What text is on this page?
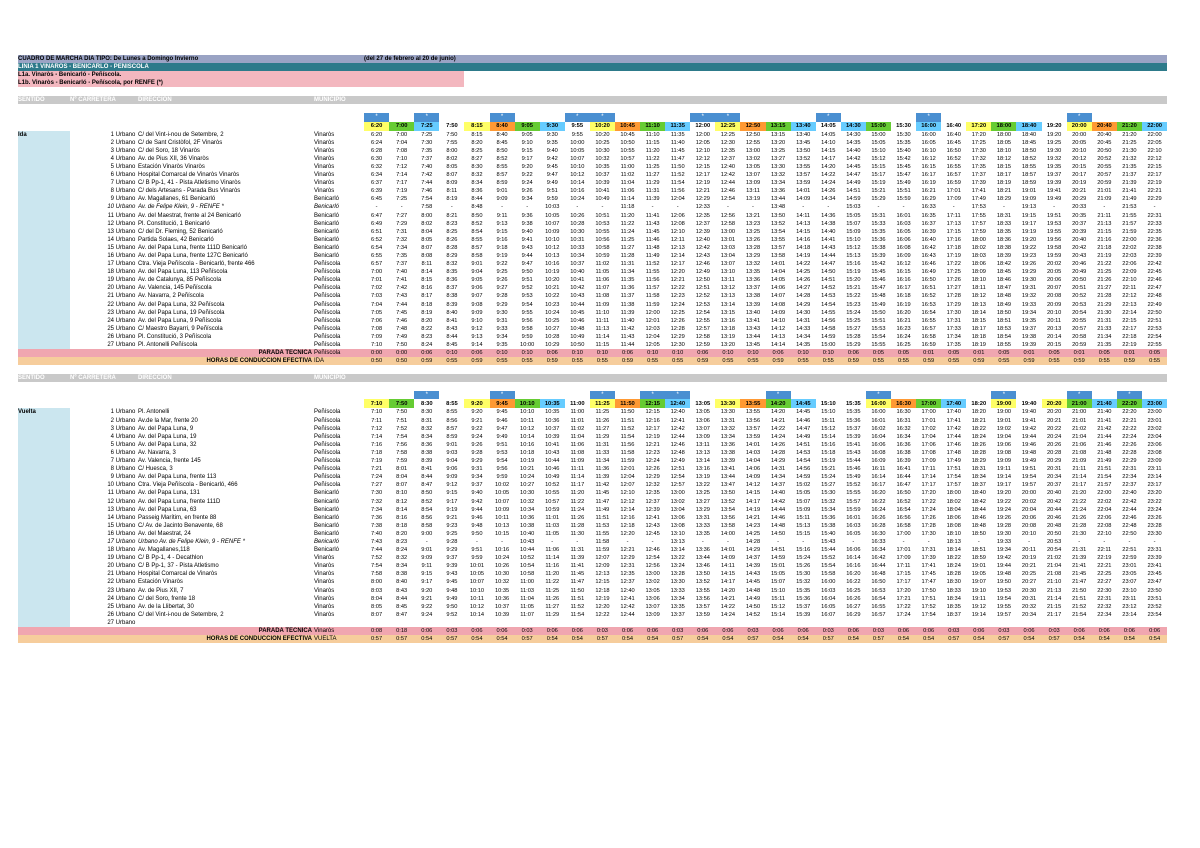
CUADRO DE MARCHA DIA TIPO: De Lunes a Domingo Invierno				(del 27 de febrero al 20 de junio)																															
LINIA 1 VINARÒS - BENICARLO - PEÑISCOLA																																			
L1a. Vinaròs - Benicarló - Peñíscola.																																			
L1b. Vinaròs - Benicarló - Peñíscola, por RENFE (*)																																			

SENTIDO	Nº CARRETERA	DIRECCIÓN	MUNICIPIO																																

				*		*			*			*	*				*	*				*				*						*			
				6:20	7:00	7:25	7:50	8:15	8:40	9:05	9:30	9:55	10:20	10:45	11:10	11:35	12:00	12:25	12:50	13:15	13:40	14:05	14:30	15:00	15:30	16:00	16:40	17:20	18:00	18:40	19:20	20:00	20:40	21:20	22:00
Ida	1 Urbano	C/ del Vint-i-nou de Setembre, 2	Vinaròs	6:20	7:00	7:25	7:50	8:15	8:40	9:05	9:30	9:55	10:20	10:45	11:10	11:35	12:00	12:25	12:50	13:15	13:40	14:05	14:30	15:00	15:30	16:00	16:40	17:20	18:00	18:40	19:20	20:00	20:40	21:20	22:00
	2 Urbano	C/ de Sant Cristòfol, 2F Vinaròs	Vinaròs	6:24	7:04	7:30	7:55	8:20	8:45	9:10	9:35	10:00	10:25	10:50	11:15	11:40	12:05	12:30	12:55	13:20	13:45	14:10	14:35	15:05	15:35	16:05	16:45	17:25	18:05	18:45	19:25	20:05	20:45	21:25	22:05
	3 Urbano	C/ del Soro, 18 Vinaròs	Vinaròs	6:28	7:08	7:35	8:00	8:25	8:50	9:15	9:40	10:05	10:30	10:55	11:20	11:45	12:10	12:35	13:00	13:25	13:50	14:15	14:40	15:10	15:40	16:10	16:50	17:30	18:10	18:50	19:30	20:10	20:50	21:30	22:10
	4 Urbano	Av. de Pius XII, 36 Vinaròs	Vinaròs	6:30	7:10	7:37	8:02	8:27	8:52	9:17	9:42	10:07	10:32	10:57	11:22	11:47	12:12	12:37	13:02	13:27	13:52	14:17	14:42	15:12	15:42	16:12	16:52	17:32	18:12	18:52	19:32	20:12	20:52	21:32	22:12
	5 Urbano	Estación Vinaròs Vinaròs	Vinaròs	6:32	7:12	7:40	8:05	8:30	8:55	9:20	9:45	10:10	10:35	11:00	11:25	11:50	12:15	12:40	13:05	13:30	13:55	14:20	14:45	15:15	15:45	16:15	16:55	17:35	18:15	18:55	19:35	20:15	20:55	21:35	22:15
	6 Urbano	Hospital Comarcal de Vinaròs Vinaròs	Vinaròs	6:34	7:14	7:42	8:07	8:32	8:57	9:22	9:47	10:12	10:37	11:02	11:27	11:52	12:17	12:42	13:07	13:32	13:57	14:22	14:47	15:17	15:47	16:17	16:57	17:37	18:17	18:57	19:37	20:17	20:57	21:37	22:17
	7 Urbano	C/ B Pp-1, 41 - Pista Atletismo Vinaròs	Vinaròs	6:37	7:17	7:44	8:09	8:34	8:59	9:24	9:49	10:14	10:39	11:04	11:29	11:54	12:19	12:44	13:09	13:34	13:59	14:24	14:49	15:19	15:49	16:19	16:59	17:39	18:19	18:59	19:39	20:19	20:59	21:39	22:19
	8 Urbano	C/ dels Artesans - Parada Bus Vinaròs	Vinaròs	6:39	7:19	7:46	8:11	8:36	9:01	9:26	9:51	10:16	10:41	11:06	11:31	11:56	12:21	12:46	13:11	13:36	14:01	14:26	14:51	15:21	15:51	16:21	17:01	17:41	18:21	19:01	19:41	20:21	21:01	21:41	22:21
	9 Urbano	Av. Magallanes, 61 Benicarló	Benicarló	6:45	7:25	7:54	8:19	8:44	9:09	9:34	9:59	10:24	10:49	11:14	11:39	12:04	12:29	12:54	13:19	13:44	14:09	14:34	14:59	15:29	15:59	16:29	17:09	17:49	18:29	19:09	19:49	20:29	21:09	21:49	22:29
	10 Urbano	Av. de Felipe Klein, 9 - RENFE *	Benicarló	-	-	7:58	-	8:48	-	-	10:03	-	-	11:18	-	-	12:33	-	-	13:48	-	-	15:03	-	-	16:33	-	17:53	-	19:13	-	20:33	-	21:53	-
	11 Urbano	Av. del Maestrat, frente al 24 Benicarló	Benicarló	6:47	7:27	8:00	8:21	8:50	9:11	9:36	10:05	10:26	10:51	11:20	11:41	12:06	12:35	12:56	13:21	13:50	14:11	14:36	15:05	15:31	16:01	16:35	17:11	17:55	18:31	19:15	19:51	20:35	21:11	21:55	22:31
	12 Urbano	Pl. Constitució, 1 Benicarló	Benicarló	6:49	7:29	8:02	8:23	8:52	9:13	9:38	10:07	10:28	10:53	11:22	11:43	12:08	12:37	12:58	13:23	13:52	14:13	14:38	15:07	15:33	16:03	16:37	17:13	17:57	18:33	19:17	19:53	20:37	21:13	21:57	22:33
	13 Urbano	C/ del Dr. Fleming, 52 Benicarló	Benicarló	6:51	7:31	8:04	8:25	8:54	9:15	9:40	10:09	10:30	10:55	11:24	11:45	12:10	12:39	13:00	13:25	13:54	14:15	14:40	15:09	15:35	16:05	16:39	17:15	17:59	18:35	19:19	19:55	20:39	21:15	21:59	22:35
	14 Urbano	Partida Solaes, 42 Benicarló	Benicarló	6:52	7:32	8:05	8:26	8:55	9:16	9:41	10:10	10:31	10:56	11:25	11:46	12:11	12:40	13:01	13:26	13:55	14:16	14:41	15:10	15:36	16:06	16:40	17:16	18:00	18:36	19:20	19:56	20:40	21:16	22:00	22:36
	15 Urbano	Av. del Papa Luna, frente 111D Benicarló	Benicarló	6:54	7:34	8:07	8:28	8:57	9:18	9:43	10:12	10:33	10:58	11:27	11:48	12:13	12:42	13:03	13:28	13:57	14:18	14:43	15:12	15:38	16:08	16:42	17:18	18:02	18:38	19:22	19:58	20:42	21:18	22:02	22:38
	16 Urbano	Av. del Papa Luna, frente 127C Benicarló	Benicarló	6:55	7:35	8:08	8:29	8:58	9:19	9:44	10:13	10:34	10:59	11:28	11:49	12:14	12:43	13:04	13:29	13:58	14:19	14:44	15:13	15:39	16:09	16:43	17:19	18:03	18:39	19:23	19:59	20:43	21:19	22:03	22:39
	17 Urbano	Ctra. Vieja Peñíscola - Benicarló, frente 466	Peñíscola	6:57	7:37	8:11	8:32	9:01	9:22	9:47	10:16	10:37	11:02	11:31	11:52	12:17	12:46	13:07	13:32	14:01	14:22	14:47	15:16	15:42	16:12	16:46	17:22	18:06	18:42	19:26	20:02	20:46	21:22	22:06	22:42
	18 Urbano	Av. del Papa Luna, 113 Peñíscola	Peñíscola	7:00	7:40	8:14	8:35	9:04	9:25	9:50	10:19	10:40	11:05	11:34	11:55	12:20	12:49	13:10	13:35	14:04	14:25	14:50	15:19	15:45	16:15	16:49	17:25	18:09	18:45	19:29	20:05	20:49	21:25	22:09	22:45
	19 Urbano	Av. de Catalunya, 85 Peñíscola	Peñíscola	7:01	7:41	8:15	8:36	9:05	9:26	9:51	10:20	10:41	11:06	11:35	11:56	12:21	12:50	13:11	13:36	14:05	14:26	14:51	15:20	15:46	16:16	16:50	17:26	18:10	18:46	19:30	20:06	20:50	21:26	22:10	22:46
	20 Urbano	Av. Valencia, 145 Peñíscola	Peñíscola	7:02	7:42	8:16	8:37	9:06	9:27	9:52	10:21	10:42	11:07	11:36	11:57	12:22	12:51	13:12	13:37	14:06	14:27	14:52	15:21	15:47	16:17	16:51	17:27	18:11	18:47	19:31	20:07	20:51	21:27	22:11	22:47
	21 Urbano	Av. Navarra, 2 Peñíscola	Peñíscola	7:03	7:43	8:17	8:38	9:07	9:28	9:53	10:22	10:43	11:08	11:37	11:58	12:23	12:52	13:13	13:38	14:07	14:28	14:53	15:22	15:48	16:18	16:52	17:28	18:12	18:48	19:32	20:08	20:52	21:28	22:12	22:48
	22 Urbano	Av. del Papa Luna, 32 Peñíscola	Peñíscola	7:04	7:44	8:18	8:39	9:08	9:29	9:54	10:23	10:44	11:09	11:38	11:59	12:24	12:53	13:14	13:39	14:08	14:29	14:54	15:23	15:49	16:19	16:53	17:29	18:13	18:49	19:33	20:09	20:53	21:29	22:13	22:49
	23 Urbano	Av. del Papa Luna, 19 Peñíscola	Peñíscola	7:05	7:45	8:19	8:40	9:09	9:30	9:55	10:24	10:45	11:10	11:39	12:00	12:25	12:54	13:15	13:40	14:09	14:30	14:55	15:24	15:50	16:20	16:54	17:30	18:14	18:50	19:34	20:10	20:54	21:30	22:14	22:50
	24 Urbano	Av. del Papa Luna, 9 Peñíscola	Peñíscola	7:06	7:46	8:20	8:41	9:10	9:31	9:56	10:25	10:46	11:11	11:40	12:01	12:26	12:55	13:16	13:41	14:10	14:31	14:56	15:25	15:51	16:21	16:55	17:31	18:15	18:51	19:35	20:11	20:55	21:31	22:15	22:51
	25 Urbano	C/ Maestro Bayarri, 9 Peñíscola	Peñíscola	7:08	7:48	8:22	8:43	9:12	9:33	9:58	10:27	10:48	11:13	11:42	12:03	12:28	12:57	13:18	13:43	14:12	14:33	14:58	15:27	15:53	16:23	16:57	17:33	18:17	18:53	19:37	20:13	20:57	21:33	22:17	22:53
	26 Urbano	Pl. Constitució, 3 Peñíscola	Peñíscola	7:09	7:49	8:23	8:44	9:13	9:34	9:59	10:28	10:49	11:14	11:43	12:04	12:29	12:58	13:19	13:44	14:13	14:34	14:59	15:28	15:54	16:24	16:58	17:34	18:18	18:54	19:38	20:14	20:58	21:34	22:18	22:54
	27 Urbano	Pl. Antonelli Peñíscola	Peñíscola	7:10	7:50	8:24	8:45	9:14	9:35	10:00	10:29	10:50	11:15	11:44	12:05	12:30	12:59	13:20	13:45	14:14	14:35	15:00	15:29	15:55	16:25	16:59	17:35	18:19	18:55	19:39	20:15	20:59	21:35	22:19	22:55
PARADA TECNICA			Peñíscola	0:00	0:00	0:06	0:10	0:06	0:10	0:10	0:06	0:10	0:10	0:06	0:10	0:10	0:06	0:10	0:10	0:06	0:10	0:10	0:06	0:05	0:05	0:01	0:05	0:01	0:05	0:01	0:05	0:01	0:05	0:01	0:05
HORAS DE CONDUCCION EFECTIVA			IDA	0:50	0:50	0:59	0:55	0:59	0:55	0:55	0:59	0:55	0:55	0:59	0:55	0:55	0:59	0:55	0:55	0:59	0:55	0:55	0:59	0:55	0:55	0:59	0:55	0:59	0:55	0:59	0:55	0:59	0:55	0:59	0:55

SENTIDO	Nº CARRETERA	DIRECCIÓN	MUNICIPIO																																

						*			*				*		*	*				*				*					*			*		*	
				7:10	7:50	8:30	8:55	9:20	9:45	10:10	10:35	11:00	11:25	11:50	12:15	12:40	13:05	13:30	13:55	14:20	14:45	15:10	15:35	16:00	16:30	17:00	17:40	18:20	19:00	19:40	20:20	21:00	21:40	22:20	23:00
Vuelta	1 Urbano	Pl. Antonelli	Peñíscola	7:10	7:50	8:30	8:55	9:20	9:45	10:10	10:35	11:00	11:25	11:50	12:15	12:40	13:05	13:30	13:55	14:20	14:45	15:10	15:35	16:00	16:30	17:00	17:40	18:20	19:00	19:40	20:20	21:00	21:40	22:20	23:00
	2 Urbano	Av.de la Mar, frente 20	Peñíscola	7:11	7:51	8:31	8:56	9:21	9:46	10:11	10:36	11:01	11:26	11:51	12:16	12:41	13:06	13:31	13:56	14:21	14:46	15:11	15:36	16:01	16:31	17:01	17:41	18:21	19:01	19:41	20:21	21:01	21:41	22:21	23:01
	3 Urbano	Av. del Papa Luna, 9	Peñíscola	7:12	7:52	8:32	8:57	9:22	9:47	10:12	10:37	11:02	11:27	11:52	12:17	12:42	13:07	13:32	13:57	14:22	14:47	15:12	15:37	16:02	16:32	17:02	17:42	18:22	19:02	19:42	20:22	21:02	21:42	22:22	23:02
	4 Urbano	Av. del Papa Luna, 19	Peñíscola	7:14	7:54	8:34	8:59	9:24	9:49	10:14	10:39	11:04	11:29	11:54	12:19	12:44	13:09	13:34	13:59	14:24	14:49	15:14	15:39	16:04	16:34	17:04	17:44	18:24	19:04	19:44	20:24	21:04	21:44	22:24	23:04
	5 Urbano	Av. del Papa Luna, 32	Peñíscola	7:16	7:56	8:36	9:01	9:26	9:51	10:16	10:41	11:06	11:31	11:56	12:21	12:46	13:11	13:36	14:01	14:26	14:51	15:16	15:41	16:06	16:36	17:06	17:46	18:26	19:06	19:46	20:26	21:06	21:46	22:26	23:06
	6 Urbano	Av. Navarra, 3	Peñíscola	7:18	7:58	8:38	9:03	9:28	9:53	10:18	10:43	11:08	11:33	11:58	12:23	12:48	13:13	13:38	14:03	14:28	14:53	15:18	15:43	16:08	16:38	17:08	17:48	18:28	19:08	19:48	20:28	21:08	21:48	22:28	23:08
	7 Urbano	Av. Valencia, frente 145	Peñíscola	7:19	7:59	8:39	9:04	9:29	9:54	10:19	10:44	11:09	11:34	11:59	12:24	12:49	13:14	13:39	14:04	14:29	14:54	15:19	15:44	16:09	16:39	17:09	17:49	18:29	19:09	19:49	20:29	21:09	21:49	22:29	23:09
	8 Urbano	C/ Huesca, 3	Peñíscola	7:21	8:01	8:41	9:06	9:31	9:56	10:21	10:46	11:11	11:36	12:01	12:26	12:51	13:16	13:41	14:06	14:31	14:56	15:21	15:46	16:11	16:41	17:11	17:51	18:31	19:11	19:51	20:31	21:11	21:51	22:31	23:11
	9 Urbano	Av. del Papa Luna, frente 113	Peñíscola	7:24	8:04	8:44	9:09	9:34	9:59	10:24	10:49	11:14	11:39	12:04	12:29	12:54	13:19	13:44	14:09	14:34	14:59	15:24	15:49	16:14	16:44	17:14	17:54	18:34	19:14	19:54	20:34	21:14	21:54	22:34	23:14
	10 Urbano	Ctra. Vieja Peñíscola - Benicarló, 466	Peñíscola	7:27	8:07	8:47	9:12	9:37	10:02	10:27	10:52	11:17	11:42	12:07	12:32	12:57	13:22	13:47	14:12	14:37	15:02	15:27	15:52	16:17	16:47	17:17	17:57	18:37	19:17	19:57	20:37	21:17	21:57	22:37	23:17
	11 Urbano	Av. del Papa Luna, 131	Benicarló	7:30	8:10	8:50	9:15	9:40	10:05	10:30	10:55	11:20	11:45	12:10	12:35	13:00	13:25	13:50	14:15	14:40	15:05	15:30	15:55	16:20	16:50	17:20	18:00	18:40	19:20	20:00	20:40	21:20	22:00	22:40	23:20
	12 Urbano	Av. del Papa Luna, frente 111D	Benicarló	7:32	8:12	8:52	9:17	9:42	10:07	10:32	10:57	11:22	11:47	12:12	12:37	13:02	13:27	13:52	14:17	14:42	15:07	15:32	15:57	16:22	16:52	17:22	18:02	18:42	19:22	20:02	20:42	21:22	22:02	22:42	23:22
	13 Urbano	Av. del Papa Luna, 63	Benicarló	7:34	8:14	8:54	9:19	9:44	10:09	10:34	10:59	11:24	11:49	12:14	12:39	13:04	13:29	13:54	14:19	14:44	15:09	15:34	15:59	16:24	16:54	17:24	18:04	18:44	19:24	20:04	20:44	21:24	22:04	22:44	23:24
	14 Urbano	Passeig Marítim, en frente 88	Benicarló	7:36	8:16	8:56	9:21	9:46	10:11	10:36	11:01	11:26	11:51	12:16	12:41	13:06	13:31	13:56	14:21	14:46	15:11	15:36	16:01	16:26	16:56	17:26	18:06	18:46	19:26	20:06	20:46	21:26	22:06	22:46	23:26
	15 Urbano	C/ Av. de Jacinto Benavente, 68	Benicarló	7:38	8:18	8:58	9:23	9:48	10:13	10:38	11:03	11:28	11:53	12:18	12:43	13:08	13:33	13:58	14:23	14:48	15:13	15:38	16:03	16:28	16:58	17:28	18:08	18:48	19:28	20:08	20:48	21:28	22:08	22:48	23:28
	16 Urbano	Av. del Maestrat, 24	Benicarló	7:40	8:20	9:00	9:25	9:50	10:15	10:40	11:05	11:30	11:55	12:20	12:45	13:10	13:35	14:00	14:25	14:50	15:15	15:40	16:05	16:30	17:00	17:30	18:10	18:50	19:30	20:10	20:50	21:30	22:10	22:50	23:30
	17 Urbano	Urbano Av. de Felipe Klein, 9 - RENFE *	Benicarló	7:43	8:23	-	9:28	-	-	10:43	-	-	11:58	-	-	13:13	-	-	14:28	-	-	15:43	-	16:33	-	-	18:13	-	19:33	-	20:53	-	-	-	-
	18 Urbano	Av. Magallanes,118	Benicarló	7:44	8:24	9:01	9:29	9:51	10:16	10:44	11:06	11:31	11:59	12:21	12:46	13:14	13:36	14:01	14:29	14:51	15:16	15:44	16:06	16:34	17:01	17:31	18:14	18:51	19:34	20:11	20:54	21:31	22:11	22:51	23:31
	19 Urbano	C/ B Pp-1, 4 - Decathlon	Vinaròs	7:52	8:32	9:09	9:37	9:59	10:24	10:52	11:14	11:39	12:07	12:29	12:54	13:22	13:44	14:09	14:37	14:59	15:24	15:52	16:14	16:42	17:09	17:39	18:22	18:59	19:42	20:19	21:02	21:39	22:19	22:59	23:39
	20 Urbano	C/ B Pp-1, 37 - Pista Atletismo	Vinaròs	7:54	8:34	9:11	9:39	10:01	10:26	10:54	11:16	11:41	12:09	12:31	12:56	13:24	13:46	14:11	14:39	15:01	15:26	15:54	16:16	16:44	17:11	17:41	18:24	19:01	19:44	20:21	21:04	21:41	22:21	23:01	23:41
	21 Urbano	Hospital Comarcal de Vinaròs	Vinaròs	7:58	8:38	9:15	9:43	10:05	10:30	10:58	11:20	11:45	12:13	12:35	13:00	13:28	13:50	14:15	14:43	15:05	15:30	15:58	16:20	16:48	17:15	17:45	18:28	19:05	19:48	20:25	21:08	21:45	22:25	23:05	23:45
	22 Urbano	Estación Vinaròs	Vinaròs	8:00	8:40	9:17	9:45	10:07	10:32	11:00	11:22	11:47	12:15	12:37	13:02	13:30	13:52	14:17	14:45	15:07	15:32	16:00	16:22	16:50	17:17	17:47	18:30	19:07	19:50	20:27	21:10	21:47	22:27	23:07	23:47
	23 Urbano	Av. de Pius XII, 7	Vinaròs	8:03	8:43	9:20	9:48	10:10	10:35	11:03	11:25	11:50	12:18	12:40	13:05	13:33	13:55	14:20	14:48	15:10	15:35	16:03	16:25	16:53	17:20	17:50	18:33	19:10	19:53	20:30	21:13	21:50	22:30	23:10	23:50
	24 Urbano	C/ del Soro, frente 18	Vinaròs	8:04	8:44	9:21	9:49	10:11	10:36	11:04	11:26	11:51	12:19	12:41	13:06	13:34	13:56	14:21	14:49	15:11	15:36	16:04	16:26	16:54	17:21	17:51	18:34	19:11	19:54	20:31	21:14	21:51	22:31	23:11	23:51
	25 Urbano	Av. de la Llibertat, 30	Vinaròs	8:05	8:45	9:22	9:50	10:12	10:37	11:05	11:27	11:52	12:20	12:42	13:07	13:35	13:57	14:22	14:50	15:12	15:37	16:05	16:27	16:55	17:22	17:52	18:35	19:12	19:55	20:32	21:15	21:52	22:32	23:12	23:52
	26 Urbano	C/ del Vint-i-nou de Setembre, 2	Vinaròs	8:07	8:47	9:24	9:52	10:14	10:39	11:07	11:29	11:54	12:22	12:44	13:09	13:37	13:59	14:24	14:52	15:14	15:39	16:07	16:29	16:57	17:24	17:54	18:37	19:14	19:57	20:34	21:17	21:54	22:34	23:14	23:54
	27 Urbano																																		
PARADA TECNICA			Vinaròs	0:08	0:18	0:06	0:03	0:06	0:06	0:03	0:06	0:06	0:03	0:06	0:06	0:03	0:06	0:06	0:03	0:06	0:06	0:03	0:06	0:03	0:06	0:06	0:03	0:06	0:03	0:06	0:03	0:06	0:06	0:06	0:06
HORAS DE CONDUCCION EFECTIVA			VUELTA	0:57	0:57	0:54	0:57	0:54	0:54	0:57	0:54	0:54	0:57	0:54	0:54	0:57	0:54	0:54	0:57	0:54	0:54	0:57	0:54	0:57	0:54	0:54	0:57	0:54	0:57	0:54	0:57	0:54	0:54	0:54	0:54
